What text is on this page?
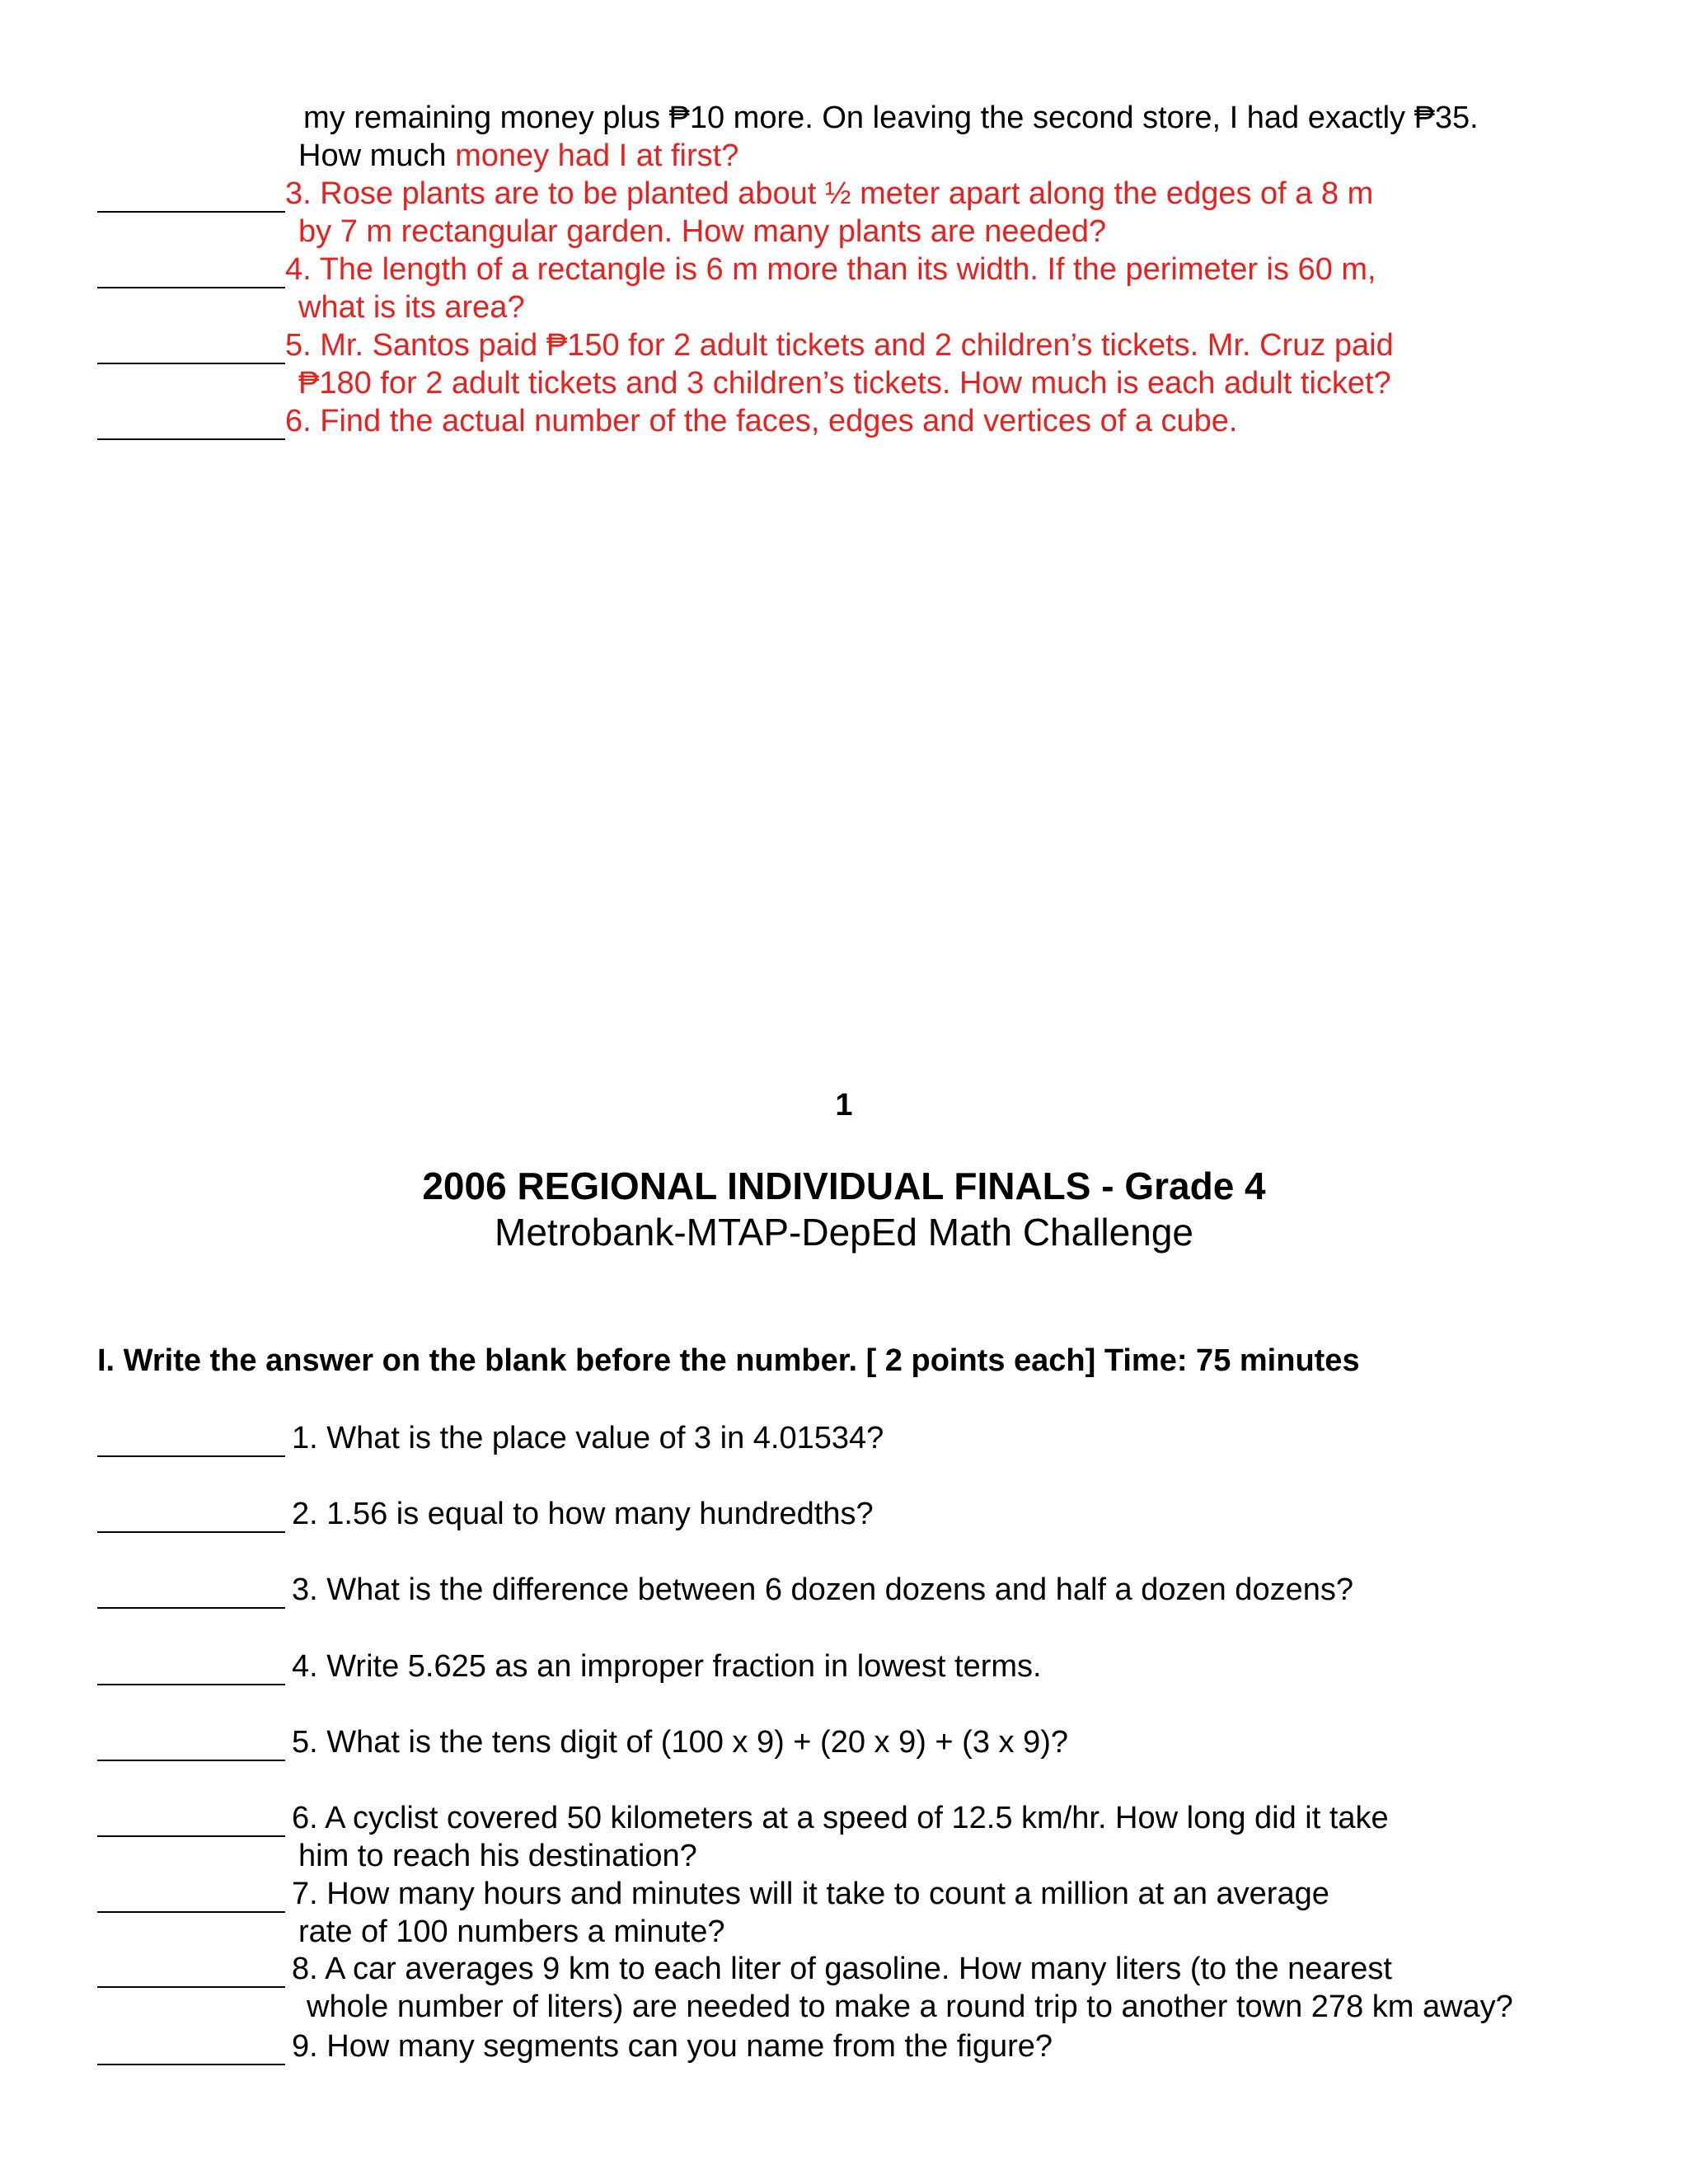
my remaining money plus ₱10 more. On leaving the second store, I had exactly ₱35.
How much money had I at first?
3. Rose plants are to be planted about ½ meter apart along the edges of a 8 m
by 7 m rectangular garden. How many plants are needed?
4. The length of a rectangle is 6 m more than its width. If the perimeter is 60 m,
what is its area?
5. Mr. Santos paid ₱150 for 2 adult tickets and 2 children’s tickets. Mr. Cruz paid
₱180 for 2 adult tickets and 3 children’s tickets. How much is each adult ticket?
6. Find the actual number of the faces, edges and vertices of a cube.
1
2006 REGIONAL INDIVIDUAL FINALS - Grade 4
Metrobank-MTAP-DepEd Math Challenge
I. Write the answer on the blank before the number. [ 2 points each] Time: 75 minutes
1. What is the place value of 3 in 4.01534?
2. 1.56 is equal to how many hundredths?
3. What is the difference between 6 dozen dozens and half a dozen dozens?
4. Write 5.625 as an improper fraction in lowest terms.
5. What is the tens digit of (100 x 9) + (20 x 9) + (3 x 9)?
6. A cyclist covered 50 kilometers at a speed of 12.5 km/hr. How long did it take
him to reach his destination?
7. How many hours and minutes will it take to count a million at an average
rate of 100 numbers a minute?
8. A car averages 9 km to each liter of gasoline. How many liters (to the nearest
whole number of liters) are needed to make a round trip to another town 278 km away?
9. How many segments can you name from the figure?
